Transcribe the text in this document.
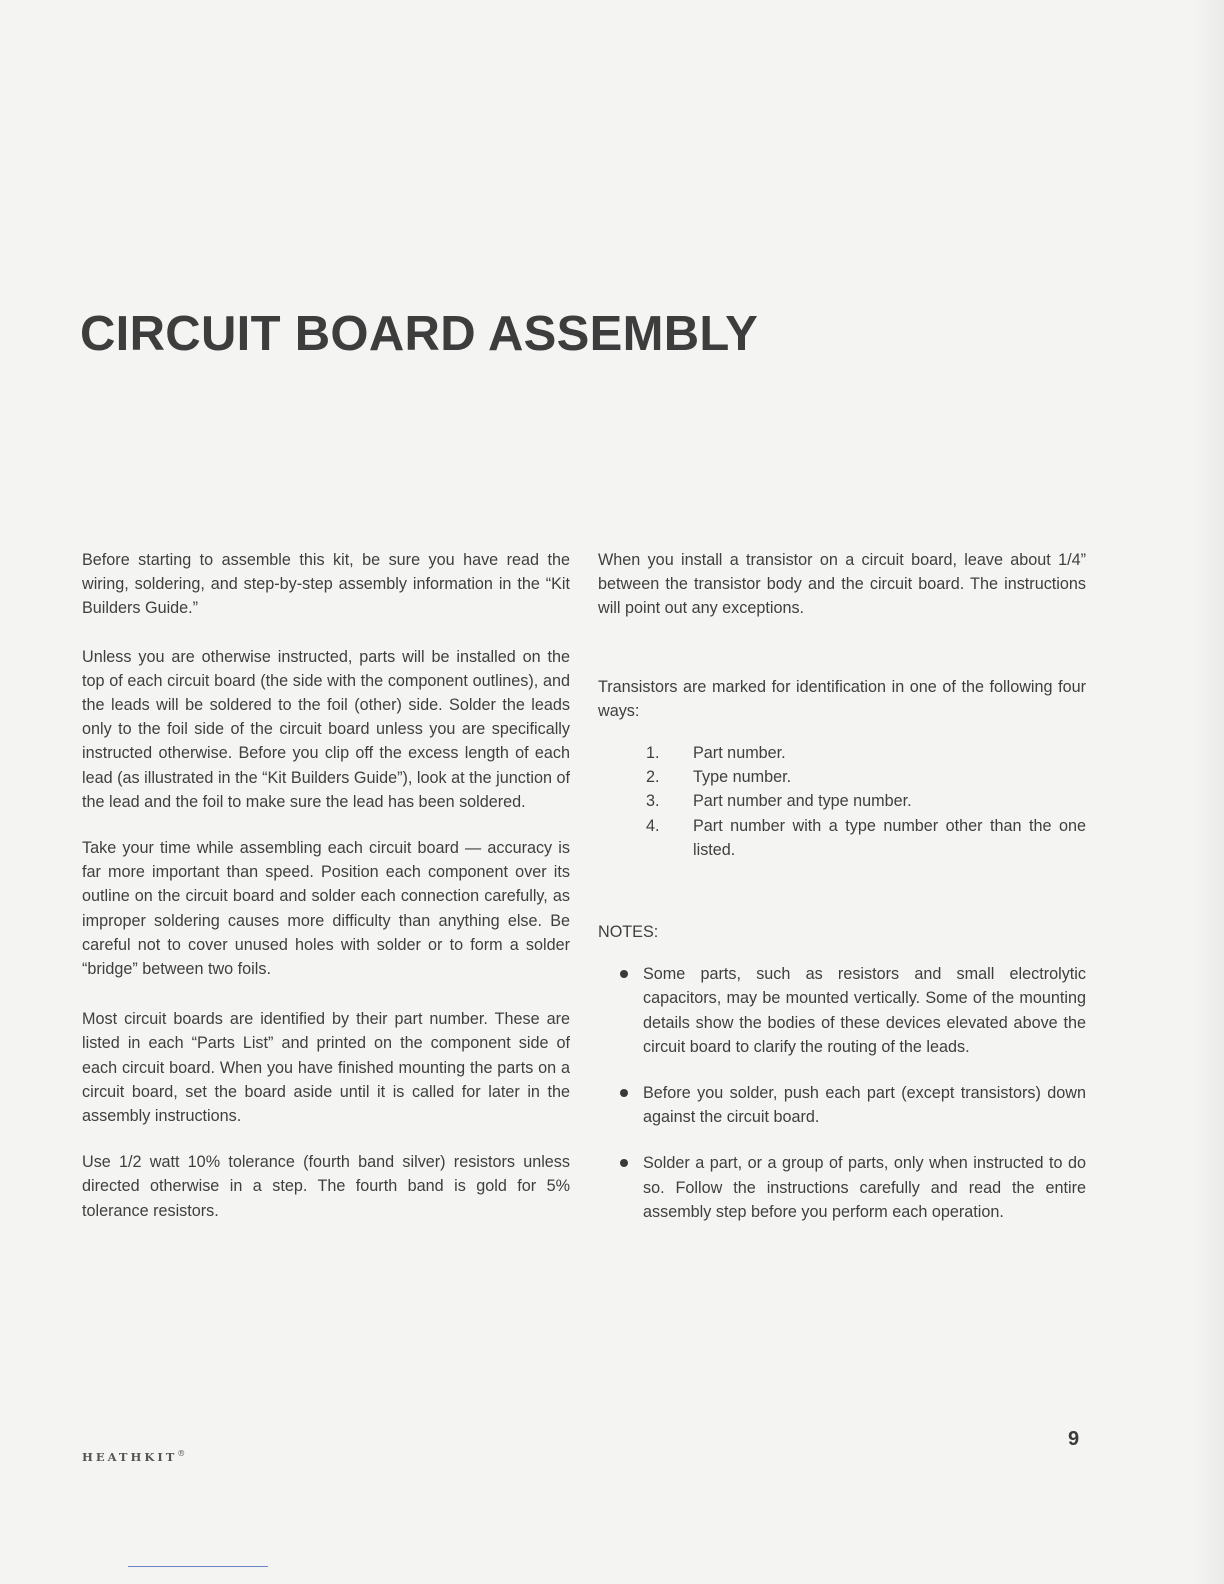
CIRCUIT BOARD ASSEMBLY

Before starting to assemble this kit, be sure you have read the wiring, soldering, and step-by-step assembly information in the “Kit Builders Guide.”

Unless you are otherwise instructed, parts will be installed on the top of each circuit board (the side with the component outlines), and the leads will be soldered to the foil (other) side. Solder the leads only to the foil side of the circuit board unless you are specifically instructed otherwise. Before you clip off the excess length of each lead (as illustrated in the “Kit Builders Guide”), look at the junction of the lead and the foil to make sure the lead has been soldered.

Take your time while assembling each circuit board — accuracy is far more important than speed. Position each component over its outline on the circuit board and solder each connection carefully, as improper soldering causes more difficulty than anything else. Be careful not to cover unused holes with solder or to form a solder “bridge” between two foils.

Most circuit boards are identified by their part number. These are listed in each “Parts List” and printed on the component side of each circuit board. When you have finished mounting the parts on a circuit board, set the board aside until it is called for later in the assembly instructions.

Use 1/2 watt 10% tolerance (fourth band silver) resistors unless directed otherwise in a step. The fourth band is gold for 5% tolerance resistors.

When you install a transistor on a circuit board, leave about 1/4” between the transistor body and the circuit board. The instructions will point out any exceptions.

Transistors are marked for identification in one of the following four ways:

1.	Part number.
2.	Type number.
3.	Part number and type number.
4.	Part number with a type number other than the one listed.

NOTES:

Some parts, such as resistors and small electrolytic capacitors, may be mounted vertically. Some of the mounting details show the bodies of these devices elevated above the circuit board to clarify the routing of the leads.
Before you solder, push each part (except transistors) down against the circuit board.
Solder a part, or a group of parts, only when instructed to do so. Follow the instructions carefully and read the entire assembly step before you perform each operation.
9
HEATHKIT®
